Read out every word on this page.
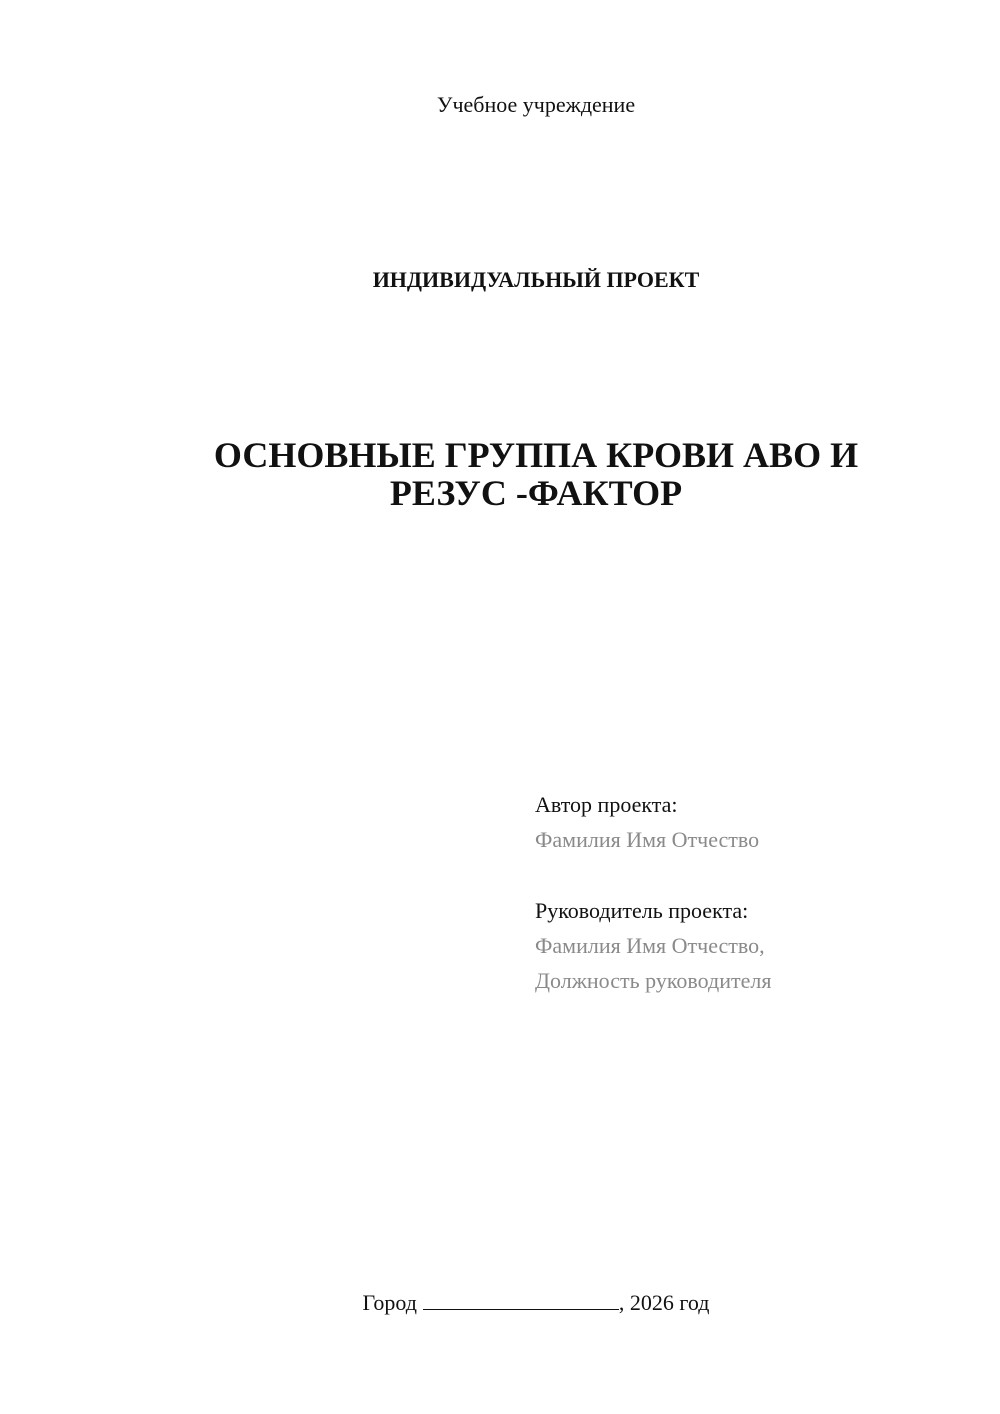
Учебное учреждение
ИНДИВИДУАЛЬНЫЙ ПРОЕКТ
ОСНОВНЫЕ ГРУППА КРОВИ АВО И
РЕЗУС -ФАКТОР
Автор проекта:
Фамилия Имя Отчество
Руководитель проекта:
Фамилия Имя Отчество,
Должность руководителя
Город	, 2026 год
